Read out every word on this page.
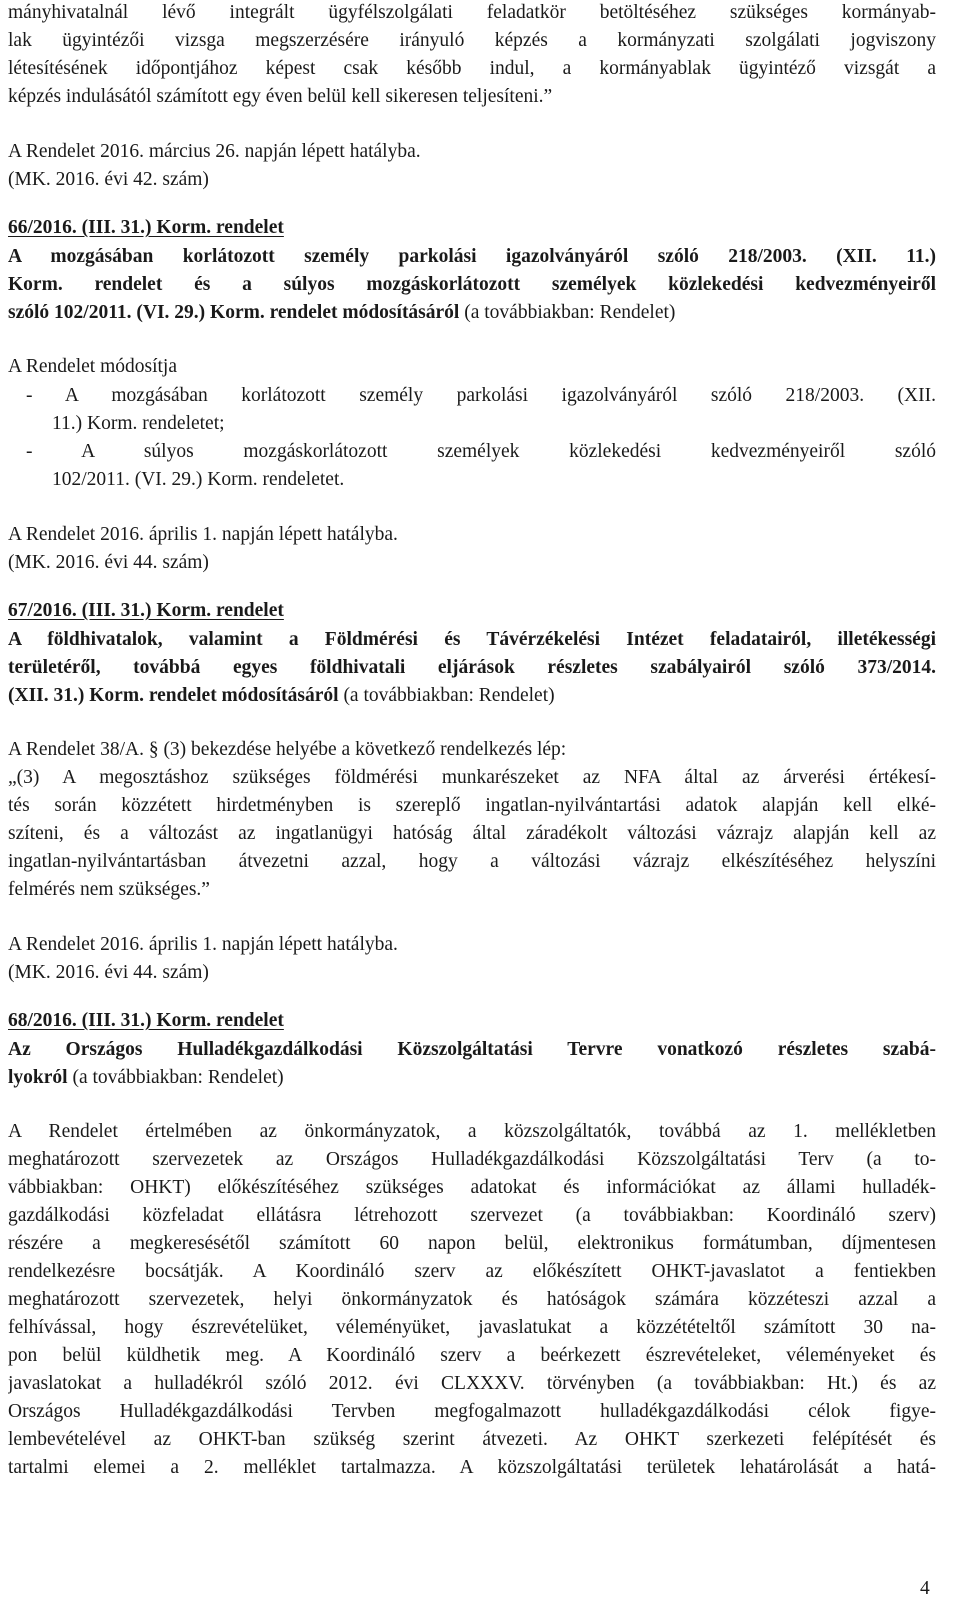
mányhivatalnál lévő integrált ügyfélszolgálati feladatkör betöltéséhez szükséges kormányab-
lak ügyintézői vizsga megszerzésére irányuló képzés a kormányzati szolgálati jogviszony
létesítésének időpontjához képest csak később indul, a kormányablak ügyintéző vizsgát a
képzés indulásától számított egy éven belül kell sikeresen teljesíteni.”
A Rendelet 2016. március 26. napján lépett hatályba.
(MK. 2016. évi 42. szám)
66/2016. (III. 31.) Korm. rendelet
A mozgásában korlátozott személy parkolási igazolványáról szóló 218/2003. (XII. 11.)
Korm. rendelet és a súlyos mozgáskorlátozott személyek közlekedési kedvezményeiről
szóló 102/2011. (VI. 29.) Korm. rendelet módosításáról (a továbbiakban: Rendelet)
A Rendelet módosítja
- A mozgásában korlátozott személy parkolási igazolványáról szóló 218/2003. (XII.
11.) Korm. rendeletet;
- A súlyos mozgáskorlátozott személyek közlekedési kedvezményeiről szóló
102/2011. (VI. 29.) Korm. rendeletet.
A Rendelet 2016. április 1. napján lépett hatályba.
(MK. 2016. évi 44. szám)
67/2016. (III. 31.) Korm. rendelet
A földhivatalok, valamint a Földmérési és Távérzékelési Intézet feladatairól, illetékességi
területéről, továbbá egyes földhivatali eljárások részletes szabályairól szóló 373/2014.
(XII. 31.) Korm. rendelet módosításáról (a továbbiakban: Rendelet)
A Rendelet 38/A. § (3) bekezdése helyébe a következő rendelkezés lép:
„(3) A megosztáshoz szükséges földmérési munkarészeket az NFA által az árverési értékesí-
tés során közzétett hirdetményben is szereplő ingatlan-nyilvántartási adatok alapján kell elké-
szíteni, és a változást az ingatlanügyi hatóság által záradékolt változási vázrajz alapján kell az
ingatlan-nyilvántartásban átvezetni azzal, hogy a változási vázrajz elkészítéséhez helyszíni
felmérés nem szükséges.”
A Rendelet 2016. április 1. napján lépett hatályba.
(MK. 2016. évi 44. szám)
68/2016. (III. 31.) Korm. rendelet
Az Országos Hulladékgazdálkodási Közszolgáltatási Tervre vonatkozó részletes szabá-
lyokról (a továbbiakban: Rendelet)
A Rendelet értelmében az önkormányzatok, a közszolgáltatók, továbbá az 1. mellékletben
meghatározott szervezetek az Országos Hulladékgazdálkodási Közszolgáltatási Terv (a to-
vábbiakban: OHKT) előkészítéséhez szükséges adatokat és információkat az állami hulladék-
gazdálkodási közfeladat ellátásra létrehozott szervezet (a továbbiakban: Koordináló szerv)
részére a megkeresésétől számított 60 napon belül, elektronikus formátumban, díjmentesen
rendelkezésre bocsátják. A Koordináló szerv az előkészített OHKT-javaslatot a fentiekben
meghatározott szervezetek, helyi önkormányzatok és hatóságok számára közzéteszi azzal a
felhívással, hogy észrevételüket, véleményüket, javaslatukat a közzétételtől számított 30 na-
pon belül küldhetik meg. A Koordináló szerv a beérkezett észrevételeket, véleményeket és
javaslatokat a hulladékról szóló 2012. évi CLXXXV. törvényben (a továbbiakban: Ht.) és az
Országos Hulladékgazdálkodási Tervben megfogalmazott hulladékgazdálkodási célok figye-
lembevételével az OHKT-ban szükség szerint átvezeti. Az OHKT szerkezeti felépítését és
tartalmi elemei a 2. melléklet tartalmazza. A közszolgáltatási területek lehatárolását a hatá-
4
